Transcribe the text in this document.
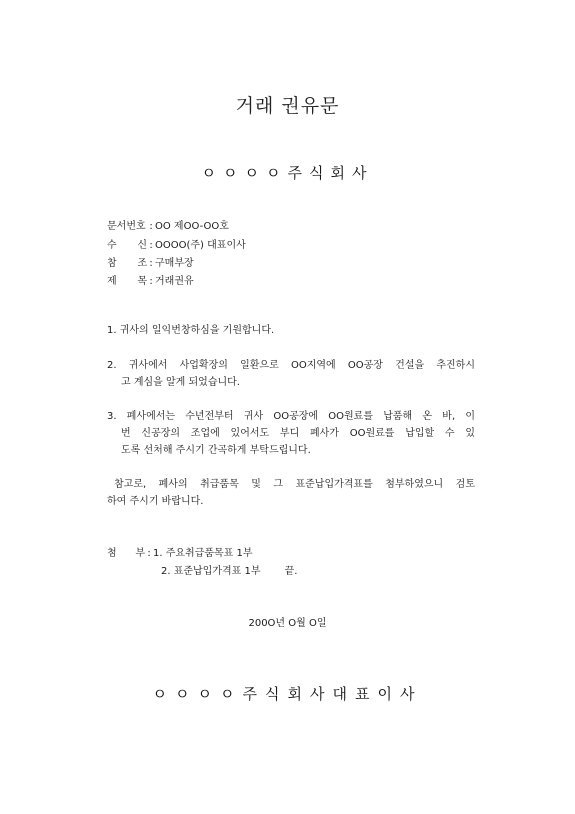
거래 권유문
ㅇㅇㅇㅇ주식회사
문서번호 : OO 제OO-OO호
수 신 : OOOO(주) 대표이사
참 조 : 구매부장
제 목 : 거래권유
1. 귀사의 일익번창하심을 기원합니다.
2. 귀사에서 사업확장의 일환으로 OO지역에 OO공장 건설을 추진하시
고 계심을 알게 되었습니다.
3. 폐사에서는 수년전부터 귀사 OO공장에 OO원료를 납품해 온 바, 이
번 신공장의 조업에 있어서도 부디 폐사가 OO원료를 납입할 수 있
도록 선처해 주시기 간곡하게 부탁드립니다.
참고로, 폐사의 취급품목 및 그 표준납입가격표를 첨부하였으니 검토
하여 주시기 바랍니다.
첨 부 : 1. 주요취급품목표 1부
2. 표준납입가격표 1부 끝.
200O년 O월 O일
ㅇㅇㅇㅇ주식회사대표이사
